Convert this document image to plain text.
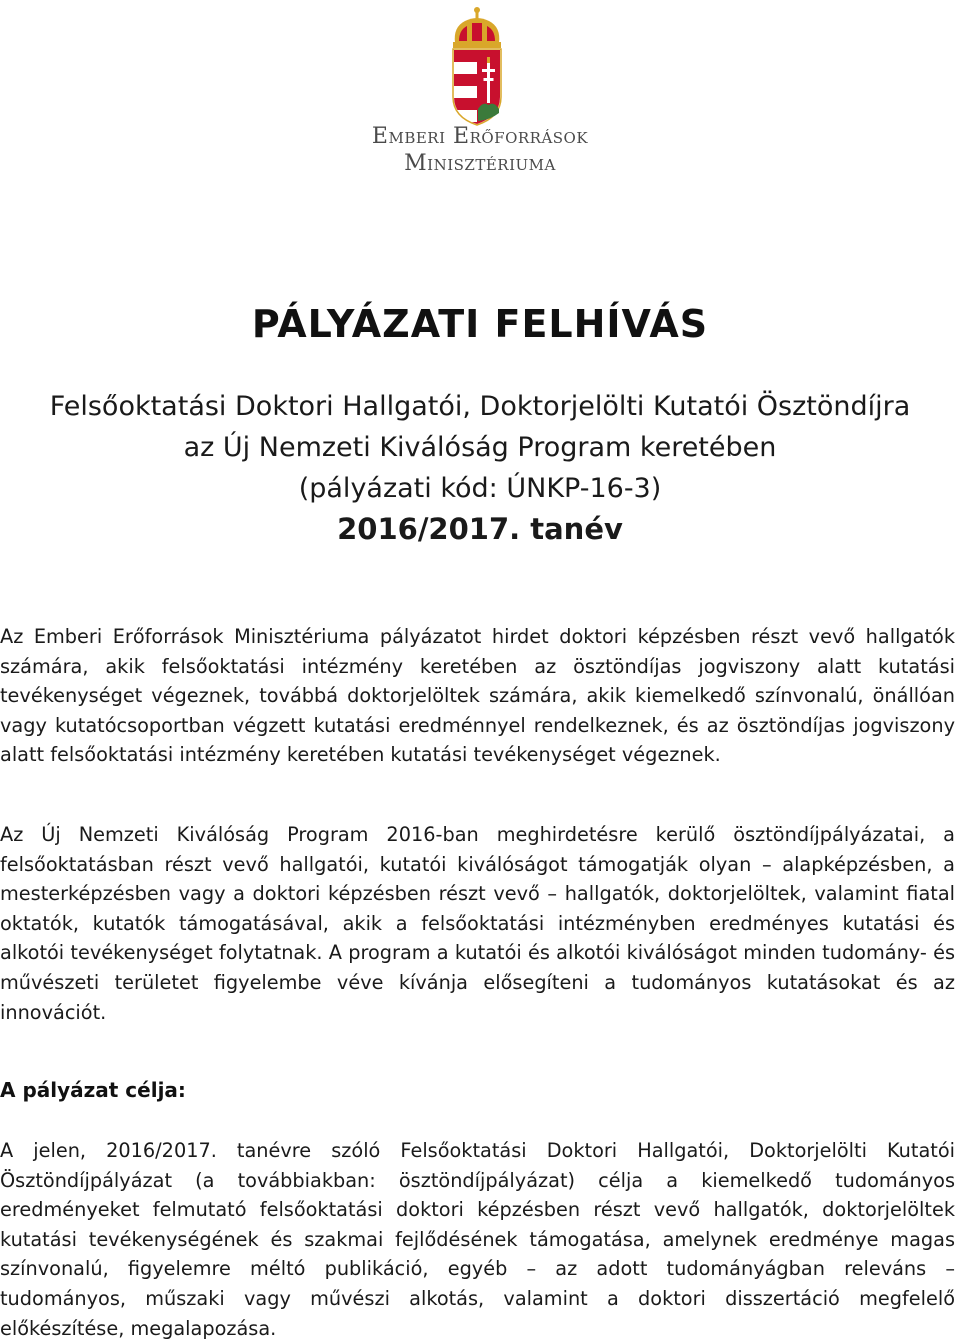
Emberi Erőforrások
Minisztériuma
PÁLYÁZATI FELHÍVÁS
Felsőoktatási Doktori Hallgatói, Doktorjelölti Kutatói Ösztöndíjra
az Új Nemzeti Kiválóság Program keretében
(pályázati kód: ÚNKP-16-3)
2016/2017. tanév
Az Emberi Erőforrások Minisztériuma pályázatot hirdet doktori képzésben részt vevő hallgatók számára, akik felsőoktatási intézmény keretében az ösztöndíjas jogviszony alatt kutatási tevékenységet végeznek, továbbá doktorjelöltek számára, akik kiemelkedő színvonalú, önállóan vagy kutatócsoportban végzett kutatási eredménnyel rendelkeznek, és az ösztöndíjas jogviszony alatt felsőoktatási intézmény keretében kutatási tevékenységet végeznek.
Az Új Nemzeti Kiválóság Program 2016-ban meghirdetésre kerülő ösztöndíjpályázatai, a felsőoktatásban részt vevő hallgatói, kutatói kiválóságot támogatják olyan – alapképzésben, a mesterképzésben vagy a doktori képzésben részt vevő – hallgatók, doktorjelöltek, valamint fiatal oktatók, kutatók támogatásával, akik a felsőoktatási intézményben eredményes kutatási és alkotói tevékenységet folytatnak. A program a kutatói és alkotói kiválóságot minden tudomány- és művészeti területet figyelembe véve kívánja elősegíteni a tudományos kutatásokat és az innovációt.
A pályázat célja:
A jelen, 2016/2017. tanévre szóló Felsőoktatási Doktori Hallgatói, Doktorjelölti Kutatói Ösztöndíjpályázat (a továbbiakban: ösztöndíjpályázat) célja a kiemelkedő tudományos eredményeket felmutató felsőoktatási doktori képzésben részt vevő hallgatók, doktorjelöltek kutatási tevékenységének és szakmai fejlődésének támogatása, amelynek eredménye magas színvonalú, figyelemre méltó publikáció, egyéb – az adott tudományágban releváns – tudományos, műszaki vagy művészi alkotás, valamint a doktori disszertáció megfelelő előkészítése, megalapozása.
